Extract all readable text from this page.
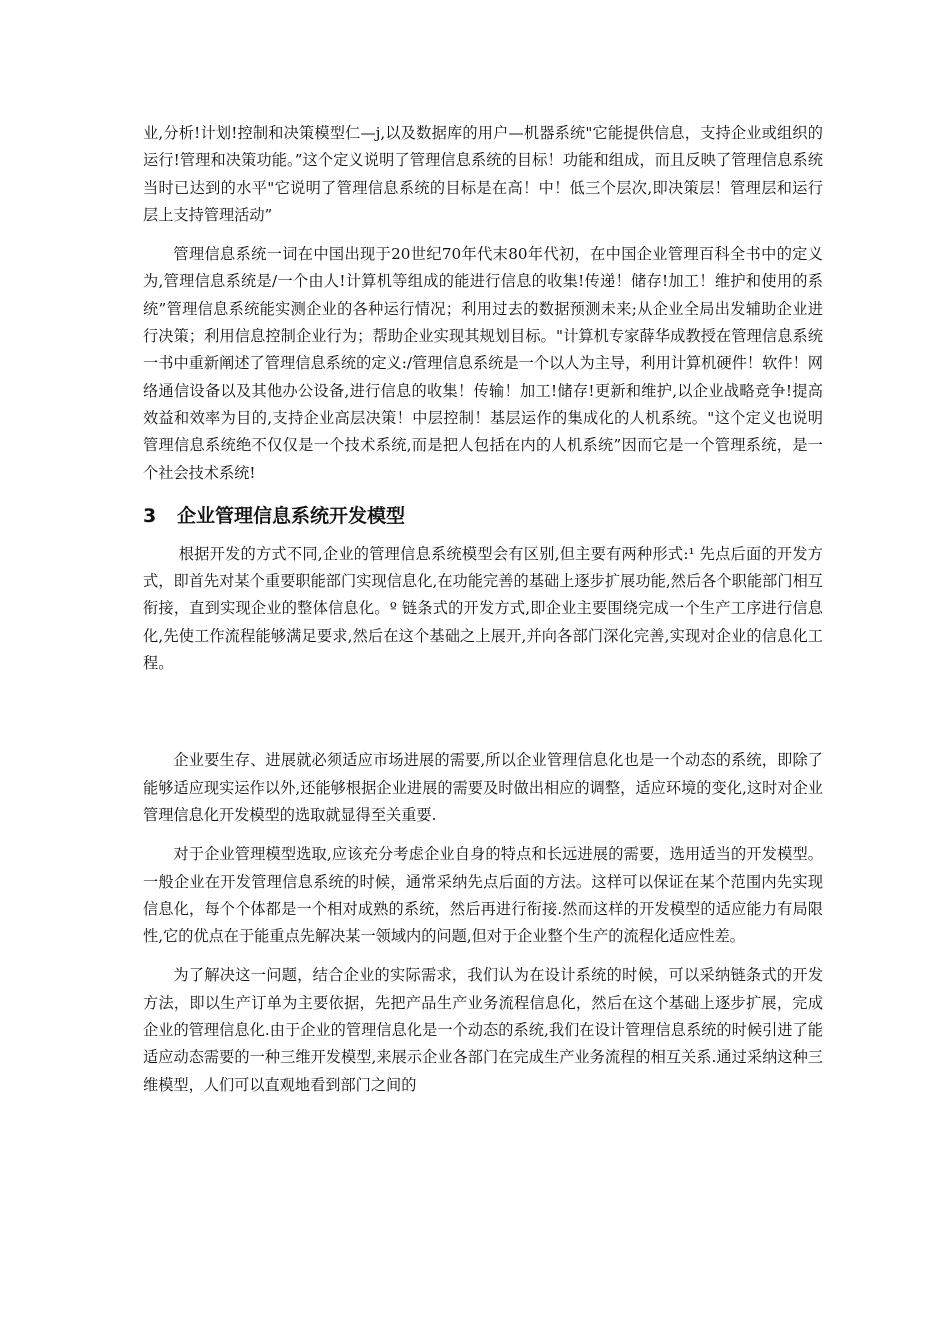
业,分析!计划!控制和决策模型仁—j,以及数据库的用户—机器系统"它能提供信息，支持企业或组织的运行!管理和决策功能。”这个定义说明了管理信息系统的目标！功能和组成，而且反映了管理信息系统当时已达到的水平"它说明了管理信息系统的目标是在高！中！低三个层次,即决策层！管理层和运行层上支持管理活动”

管理信息系统一词在中国出现于20世纪70年代末80年代初，在中国企业管理百科全书中的定义为,管理信息系统是/一个由人!计算机等组成的能进行信息的收集!传递！储存!加工！维护和使用的系统”管理信息系统能实测企业的各种运行情况；利用过去的数据预测未来;从企业全局出发辅助企业进行决策；利用信息控制企业行为；帮助企业实现其规划目标。"计算机专家薛华成教授在管理信息系统一书中重新阐述了管理信息系统的定义:/管理信息系统是一个以人为主导，利用计算机硬件！软件！网络通信设备以及其他办公设备,进行信息的收集！传输！加工!储存!更新和维护,以企业战略竞争!提高效益和效率为目的,支持企业高层决策！中层控制！基层运作的集成化的人机系统。"这个定义也说明管理信息系统绝不仅仅是一个技术系统,而是把人包括在内的人机系统”因而它是一个管理系统，是一个社会技术系统!

3	企业管理信息系统开发模型

根据开发的方式不同,企业的管理信息系统模型会有区别,但主要有两种形式:¹ 先点后面的开发方式，即首先对某个重要职能部门实现信息化,在功能完善的基础上逐步扩展功能,然后各个职能部门相互衔接，直到实现企业的整体信息化。º 链条式的开发方式,即企业主要围绕完成一个生产工序进行信息化,先使工作流程能够满足要求,然后在这个基础之上展开,并向各部门深化完善,实现对企业的信息化工程。

企业要生存、进展就必须适应市场进展的需要,所以企业管理信息化也是一个动态的系统，即除了能够适应现实运作以外,还能够根据企业进展的需要及时做出相应的调整，适应环境的变化,这时对企业管理信息化开发模型的选取就显得至关重要.

对于企业管理模型选取,应该充分考虑企业自身的特点和长远进展的需要，选用适当的开发模型。一般企业在开发管理信息系统的时候，通常采纳先点后面的方法。这样可以保证在某个范围内先实现信息化，每个个体都是一个相对成熟的系统，然后再进行衔接.然而这样的开发模型的适应能力有局限性,它的优点在于能重点先解决某一领域内的问题,但对于企业整个生产的流程化适应性差。

为了解决这一问题，结合企业的实际需求，我们认为在设计系统的时候，可以采纳链条式的开发方法，即以生产订单为主要依据，先把产品生产业务流程信息化，然后在这个基础上逐步扩展，完成企业的管理信息化.由于企业的管理信息化是一个动态的系统,我们在设计管理信息系统的时候引进了能适应动态需要的一种三维开发模型,来展示企业各部门在完成生产业务流程的相互关系.通过采纳这种三维模型，人们可以直观地看到部门之间的
